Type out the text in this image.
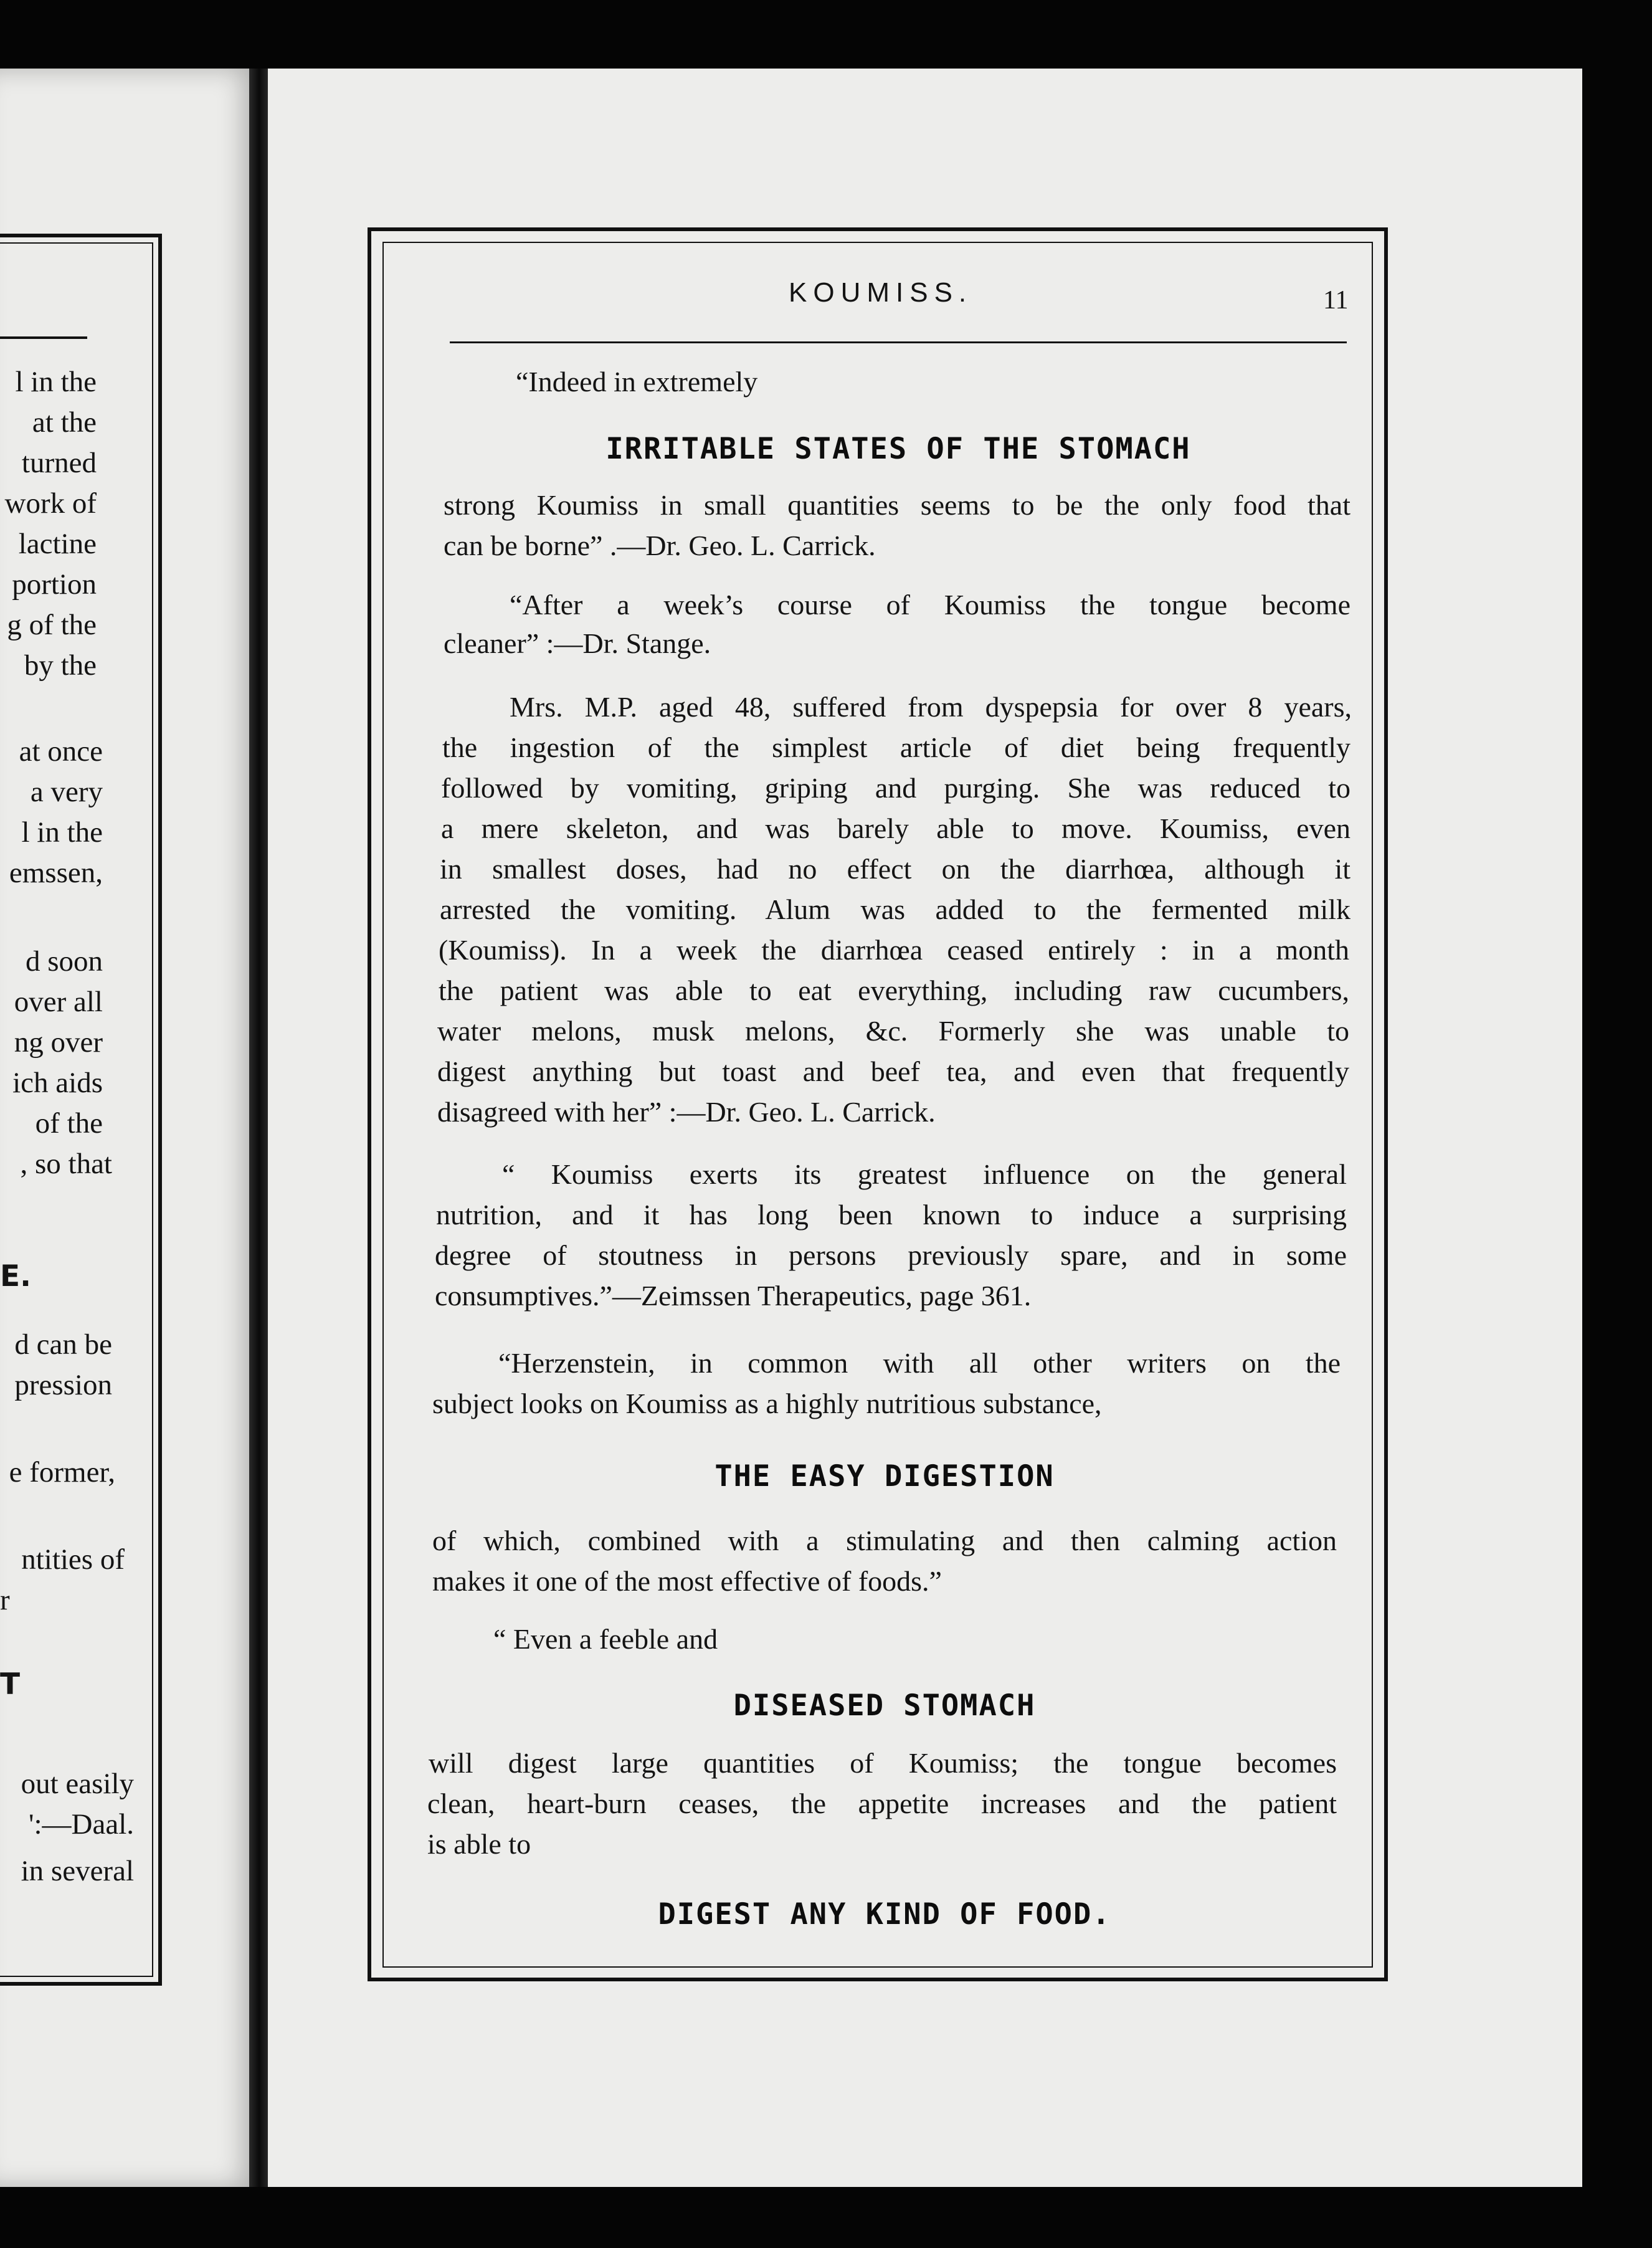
l in the
at the
turned
work of
lactine
portion
g of the
by the
at once
a very
l in the
emssen,
d soon
over all
ng over
ich aids
of the
, so that
E.
d can be
pression
e former,
ntities of
r
T
out easily
':—Daal.
in several
KOUMISS.	11
“Indeed in extremely
IRRITABLE STATES OF THE STOMACH
strong Koumiss in small quantities seems to be the only food that
can be borne” .—Dr. Geo. L. Carrick.
“After a week’s course of Koumiss the tongue become
cleaner” :—Dr. Stange.
Mrs. M.P. aged 48, suffered from dyspepsia for over 8 years,
the ingestion of the simplest article of diet being frequently
followed by vomiting, griping and purging. She was reduced to
a mere skeleton, and was barely able to move. Koumiss, even
in smallest doses, had no effect on the diarrhœa, although it
arrested the vomiting. Alum was added to the fermented milk
(Koumiss). In a week the diarrhœa ceased entirely : in a month
the patient was able to eat everything, including raw cucumbers,
water melons, musk melons, &c. Formerly she was unable to
digest anything but toast and beef tea, and even that frequently
disagreed with her” :—Dr. Geo. L. Carrick.
“ Koumiss exerts its greatest influence on the general
nutrition, and it has long been known to induce a surprising
degree of stoutness in persons previously spare, and in some
consumptives.”—Zeimssen Therapeutics, page 361.
“Herzenstein, in common with all other writers on the
subject looks on Koumiss as a highly nutritious substance,
THE EASY DIGESTION
of which, combined with a stimulating and then calming action
makes it one of the most effective of foods.”
“ Even a feeble and
DISEASED STOMACH
will digest large quantities of Koumiss; the tongue becomes
clean, heart-burn ceases, the appetite increases and the patient
is able to
DIGEST ANY KIND OF FOOD.
